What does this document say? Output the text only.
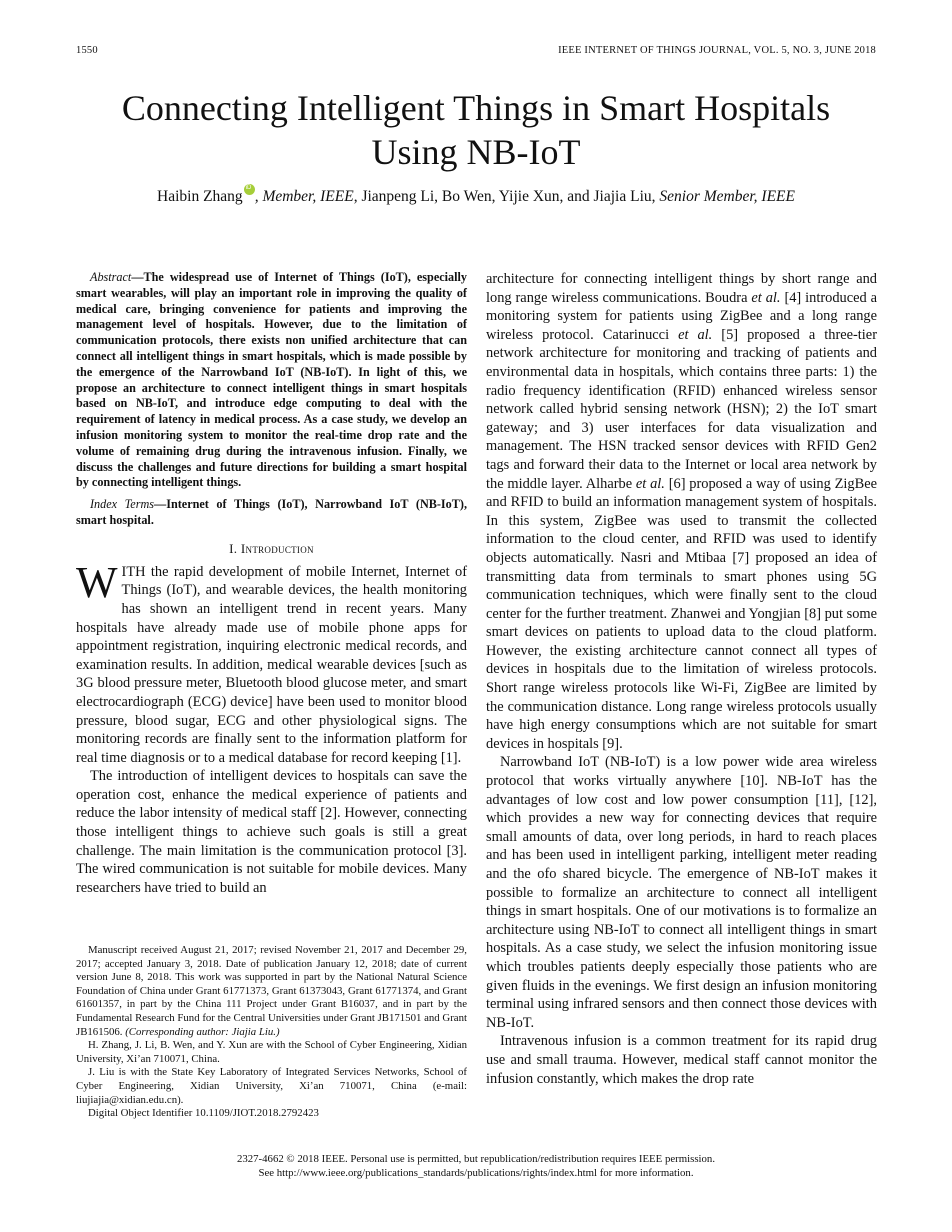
1550	IEEE INTERNET OF THINGS JOURNAL, VOL. 5, NO. 3, JUNE 2018
Connecting Intelligent Things in Smart Hospitals Using NB-IoT
Haibin ZhangiD , Member, IEEE, Jianpeng Li, Bo Wen, Yijie Xun, and Jiajia Liu, Senior Member, IEEE

Abstract—The widespread use of Internet of Things (IoT), especially smart wearables, will play an important role in improving the quality of medical care, bringing convenience for patients and improving the management level of hospitals. However, due to the limitation of communication protocols, there exists non unified architecture that can connect all intelligent things in smart hospitals, which is made possible by the emergence of the Narrowband IoT (NB-IoT). In light of this, we propose an architecture to connect intelligent things in smart hospitals based on NB-IoT, and introduce edge computing to deal with the requirement of latency in medical process. As a case study, we develop an infusion monitoring system to monitor the real-time drop rate and the volume of remaining drug during the intravenous infusion. Finally, we discuss the challenges and future directions for building a smart hospital by connecting intelligent things.

Index Terms—Internet of Things (IoT), Narrowband IoT (NB-IoT), smart hospital.

I. Introduction

WITH the rapid development of mobile Internet, Internet of Things (IoT), and wearable devices, the health monitoring has shown an intelligent trend in recent years. Many hospitals have already made use of mobile phone apps for appointment registration, inquiring electronic medical records, and examination results. In addition, medical wearable devices [such as 3G blood pressure meter, Bluetooth blood glucose meter, and smart electrocardiograph (ECG) device] have been used to monitor blood pressure, blood sugar, ECG and other physiological signs. The monitoring records are finally sent to the information platform for real time diagnosis or to a medical database for record keeping [1].

The introduction of intelligent devices to hospitals can save the operation cost, enhance the medical experience of patients and reduce the labor intensity of medical staff [2]. However, connecting those intelligent things to achieve such goals is still a great challenge. The main limitation is the communication protocol [3]. The wired communication is not suitable for mobile devices. Many researchers have tried to build an

Manuscript received August 21, 2017; revised November 21, 2017 and December 29, 2017; accepted January 3, 2018. Date of publication January 12, 2018; date of current version June 8, 2018. This work was supported in part by the National Natural Science Foundation of China under Grant 61771373, Grant 61373043, Grant 61771374, and Grant 61601357, in part by the China 111 Project under Grant B16037, and in part by the Fundamental Research Fund for the Central Universities under Grant JB171501 and Grant JB161506. (Corresponding author: Jiajia Liu.)

H. Zhang, J. Li, B. Wen, and Y. Xun are with the School of Cyber Engineering, Xidian University, Xi’an 710071, China.

J. Liu is with the State Key Laboratory of Integrated Services Networks, School of Cyber Engineering, Xidian University, Xi’an 710071, China (e-mail: liujiajia@xidian.edu.cn).

Digital Object Identifier 10.1109/JIOT.2018.2792423

architecture for connecting intelligent things by short range and long range wireless communications. Boudra et al. [4] introduced a monitoring system for patients using ZigBee and a long range wireless protocol. Catarinucci et al. [5] proposed a three-tier network architecture for monitoring and tracking of patients and environmental data in hospitals, which contains three parts: 1) the radio frequency identification (RFID) enhanced wireless sensor network called hybrid sensing network (HSN); 2) the IoT smart gateway; and 3) user interfaces for data visualization and management. The HSN tracked sensor devices with RFID Gen2 tags and forward their data to the Internet or local area network by the middle layer. Alharbe et al. [6] proposed a way of using ZigBee and RFID to build an information management system of hospitals. In this system, ZigBee was used to transmit the collected information to the cloud center, and RFID was used to identify objects automatically. Nasri and Mtibaa [7] proposed an idea of transmitting data from terminals to smart phones using 5G communication techniques, which were finally sent to the cloud center for the further treatment. Zhanwei and Yongjian [8] put some smart devices on patients to upload data to the cloud platform. However, the existing architecture cannot connect all types of devices in hospitals due to the limitation of wireless protocols. Short range wireless protocols like Wi-Fi, ZigBee are limited by the communication distance. Long range wireless protocols usually have high energy consumptions which are not suitable for smart devices in hospitals [9].

Narrowband IoT (NB-IoT) is a low power wide area wireless protocol that works virtually anywhere [10]. NB-IoT has the advantages of low cost and low power consumption [11], [12], which provides a new way for connecting devices that require small amounts of data, over long periods, in hard to reach places and has been used in intelligent parking, intelligent meter reading and the ofo shared bicycle. The emergence of NB-IoT makes it possible to formalize an architecture to connect all intelligent things in smart hospitals. One of our motivations is to formalize an architecture using NB-IoT to connect all intelligent things in smart hospitals. As a case study, we select the infusion monitoring issue which troubles patients deeply especially those patients who are given fluids in the evenings. We first design an infusion monitoring terminal using infrared sensors and then connect those devices with NB-IoT.

Intravenous infusion is a common treatment for its rapid drug use and small trauma. However, medical staff cannot monitor the infusion constantly, which makes the drop rate

2327-4662 © 2018 IEEE. Personal use is permitted, but republication/redistribution requires IEEE permission.
See http://www.ieee.org/publications_standards/publications/rights/index.html for more information.
